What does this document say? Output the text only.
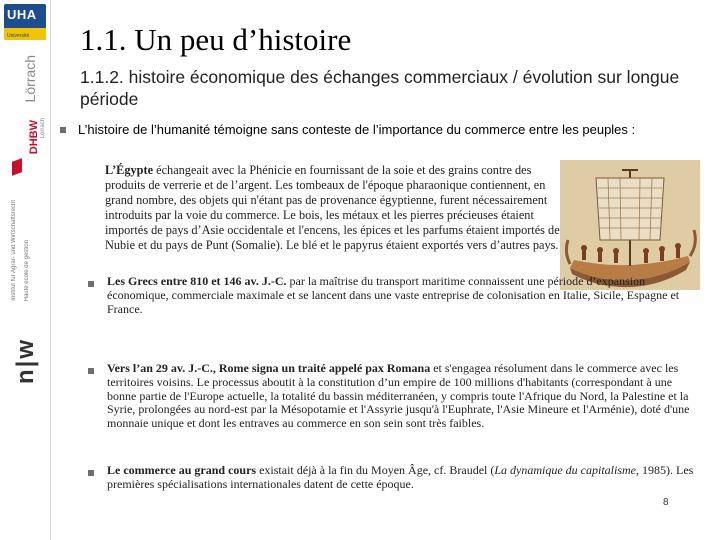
UHA
Université
Lörrach
DHBW Lörrach
Institut für Agrar- und Wirtschaftsrecht Haute école de gestion
n|w
1.1. Un peu d’histoire

1.1.2. histoire économique des échanges commerciaux / évolution sur longue période

L’histoire de l’humanité témoigne sans conteste de l’importance du commerce entre les peuples :

L’Égypte échangeait avec la Phénicie en fournissant de la soie et des grains contre des produits de verrerie et de l’argent. Les tombeaux de l'époque pharaonique contiennent, en grand nombre, des objets qui n'étant pas de provenance égyptienne, furent nécessairement introduits par la voie du commerce. Le bois, les métaux et les pierres précieuses étaient importés de pays d’Asie occidentale et l'encens, les épices et les parfums étaient importés de Nubie et du pays de Punt (Somalie). Le blé et le papyrus étaient exportés vers d’autres pays.

Les Grecs entre 810 et 146 av. J.-C. par la maîtrise du transport maritime connaissent une période d’expansion économique, commerciale maximale et se lancent dans une vaste entreprise de colonisation en Italie, Sicile, Espagne et France.

Vers l’an 29 av. J.-C., Rome signa un traité appelé pax Romana et s'engagea résolument dans le commerce avec les territoires voisins. Le processus aboutit à la constitution d’un empire de 100 millions d'habitants (correspondant à une bonne partie de l'Europe actuelle, la totalité du bassin méditerranéen, y compris toute l'Afrique du Nord, la Palestine et la Syrie, prolongées au nord-est par la Mésopotamie et l'Assyrie jusqu'à l'Euphrate, l'Asie Mineure et l'Arménie), doté d'une monnaie unique et dont les entraves au commerce en son sein sont très faibles.

Le commerce au grand cours existait déjà à la fin du Moyen Âge, cf. Braudel (La dynamique du capitalisme, 1985). Les premières spécialisations internationales datent de cette époque.

8
